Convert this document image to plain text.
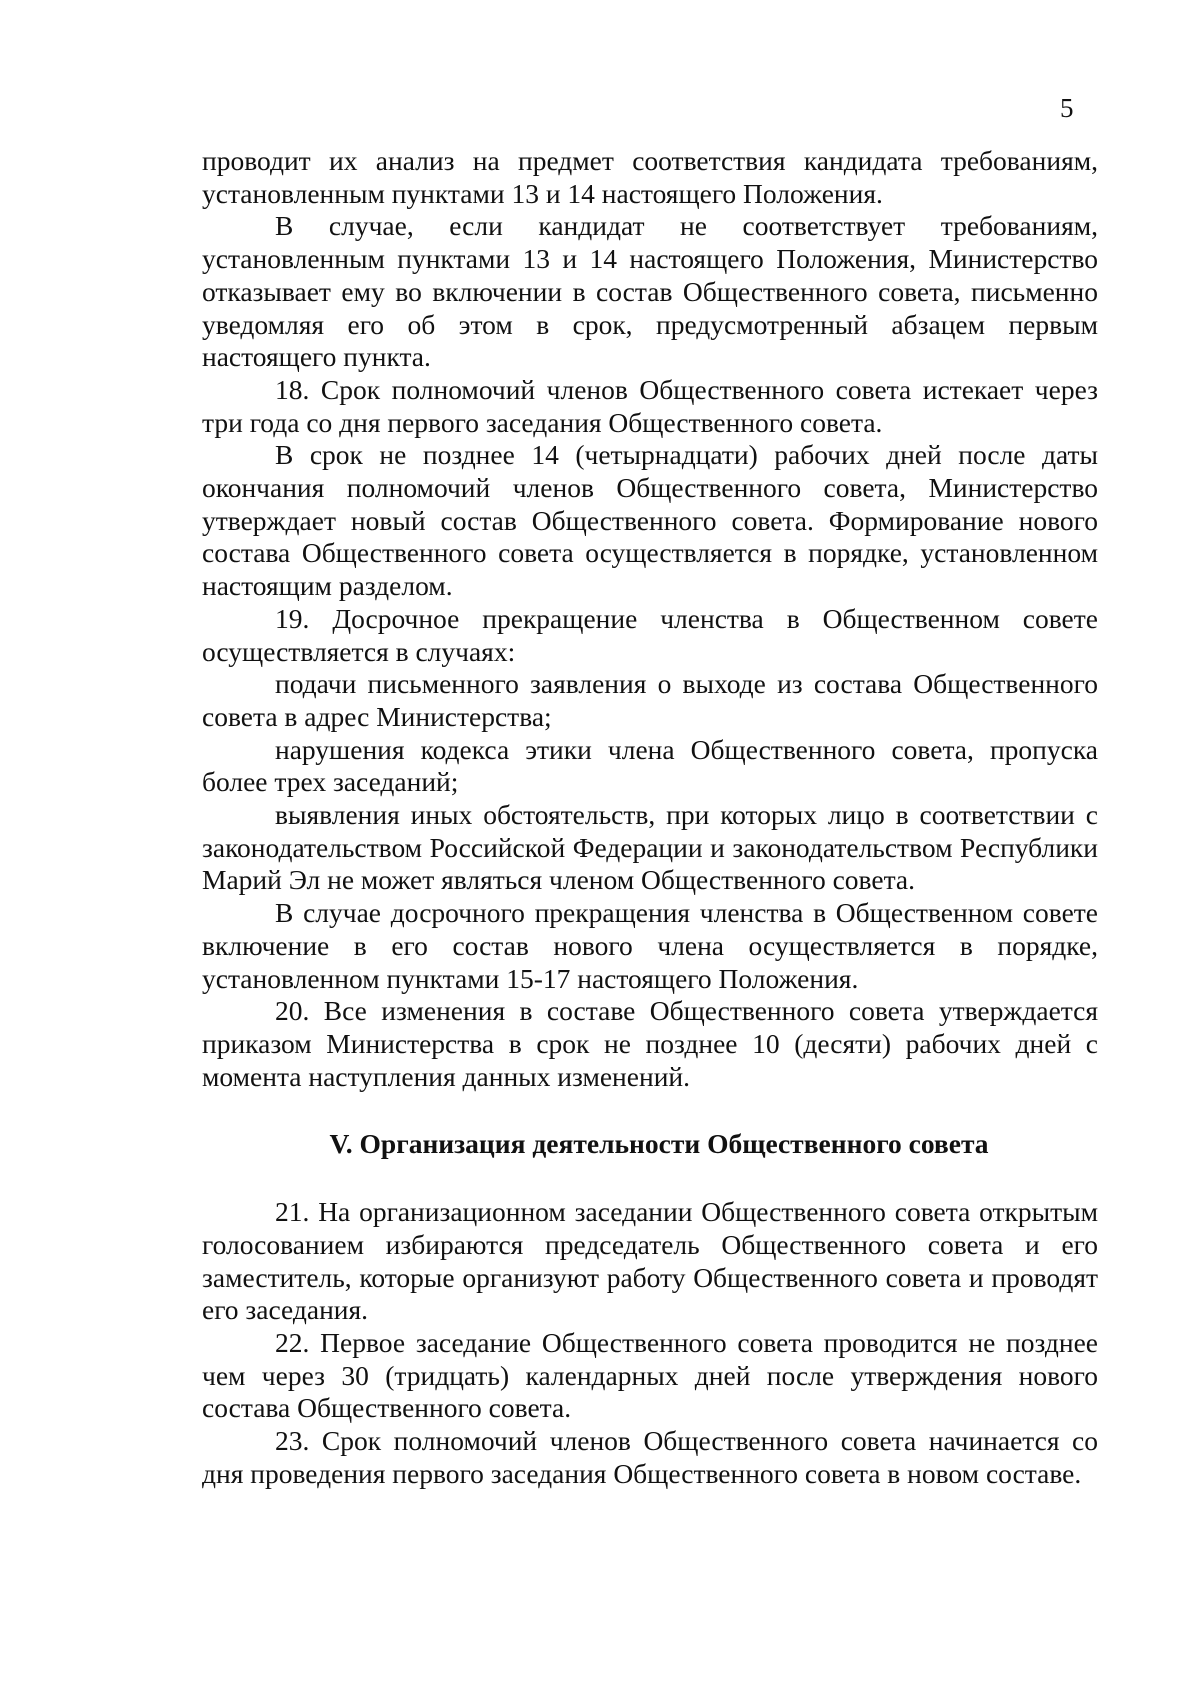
5

проводит их анализ на предмет соответствия кандидата требованиям, установленным пунктами 13 и 14 настоящего Положения.

В случае, если кандидат не соответствует требованиям, установленным пунктами 13 и 14 настоящего Положения, Министерство отказывает ему во включении в состав Общественного совета, письменно уведомляя его об этом в срок, предусмотренный абзацем первым настоящего пункта.

18. Срок полномочий членов Общественного совета истекает через три года со дня первого заседания Общественного совета.

В срок не позднее 14 (четырнадцати) рабочих дней после даты окончания полномочий членов Общественного совета, Министерство утверждает новый состав Общественного совета. Формирование нового состава Общественного совета осуществляется в порядке, установленном настоящим разделом.

19. Досрочное прекращение членства в Общественном совете осуществляется в случаях:

подачи письменного заявления о выходе из состава Общественного совета в адрес Министерства;

нарушения кодекса этики члена Общественного совета, пропуска более трех заседаний;

выявления иных обстоятельств, при которых лицо в соответствии с законодательством Российской Федерации и законодательством Республики Марий Эл не может являться членом Общественного совета.

В случае досрочного прекращения членства в Общественном совете включение в его состав нового члена осуществляется в порядке, установленном пунктами 15-17 настоящего Положения.

20. Все изменения в составе Общественного совета утверждается приказом Министерства в срок не позднее 10 (десяти) рабочих дней с момента наступления данных изменений.

V. Организация деятельности Общественного совета

21. На организационном заседании Общественного совета открытым голосованием избираются председатель Общественного совета и его заместитель, которые организуют работу Общественного совета и проводят его заседания.

22. Первое заседание Общественного совета проводится не позднее чем через 30 (тридцать) календарных дней после утверждения нового состава Общественного совета.

23. Срок полномочий членов Общественного совета начинается со дня проведения первого заседания Общественного совета в новом составе.
